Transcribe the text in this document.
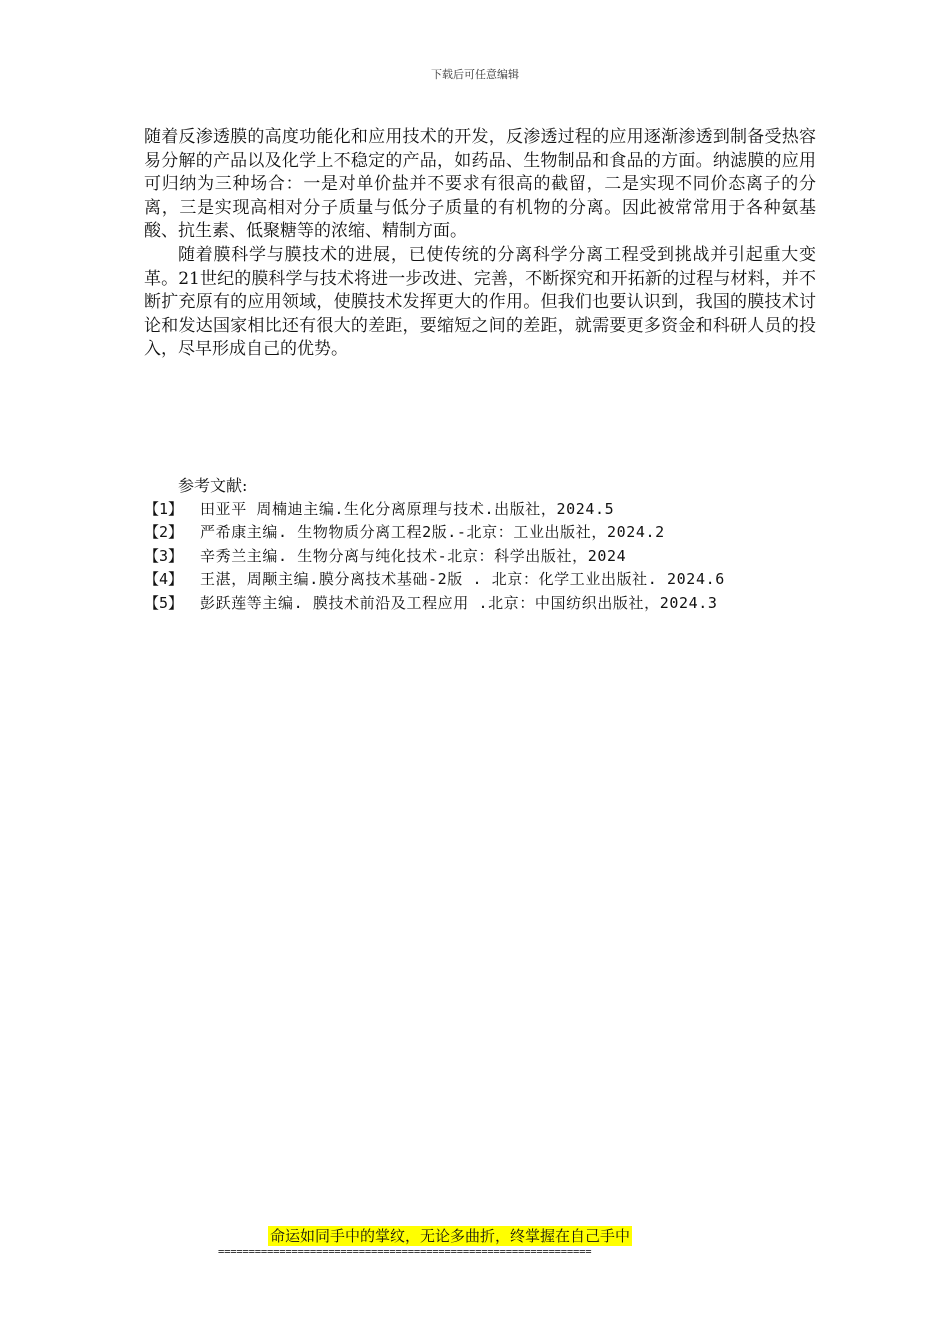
下载后可任意编辑

随着反渗透膜的高度功能化和应用技术的开发，反渗透过程的应用逐渐渗透到制备受热容易分解的产品以及化学上不稳定的产品，如药品、生物制品和食品的方面。纳滤膜的应用可归纳为三种场合：一是对单价盐并不要求有很高的截留，二是实现不同价态离子的分离，三是实现高相对分子质量与低分子质量的有机物的分离。因此被常常用于各种氨基酸、抗生素、低聚糖等的浓缩、精制方面。

随着膜科学与膜技术的进展，已使传统的分离科学分离工程受到挑战并引起重大变革。21世纪的膜科学与技术将进一步改进、完善，不断探究和开拓新的过程与材料，并不断扩充原有的应用领域，使膜技术发挥更大的作用。但我们也要认识到，我国的膜技术讨论和发达国家相比还有很大的差距，要缩短之间的差距，就需要更多资金和科研人员的投入，尽早形成自己的优势。

参考文献:
【1】	田亚平 周楠迪主编.生化分离原理与技术.出版社，2024.5
【2】	严希康主编. 生物物质分离工程2版.-北京：工业出版社，2024.2
【3】	辛秀兰主编. 生物分离与纯化技术-北京：科学出版社，2024
【4】	王湛，周颙主编.膜分离技术基础-2版 . 北京：化学工业出版社. 2024.6
【5】	彭跃莲等主编. 膜技术前沿及工程应用 .北京：中国纺织出版社，2024.3
命运如同手中的掌纹，无论多曲折，终掌握在自己手中
=============================================================
